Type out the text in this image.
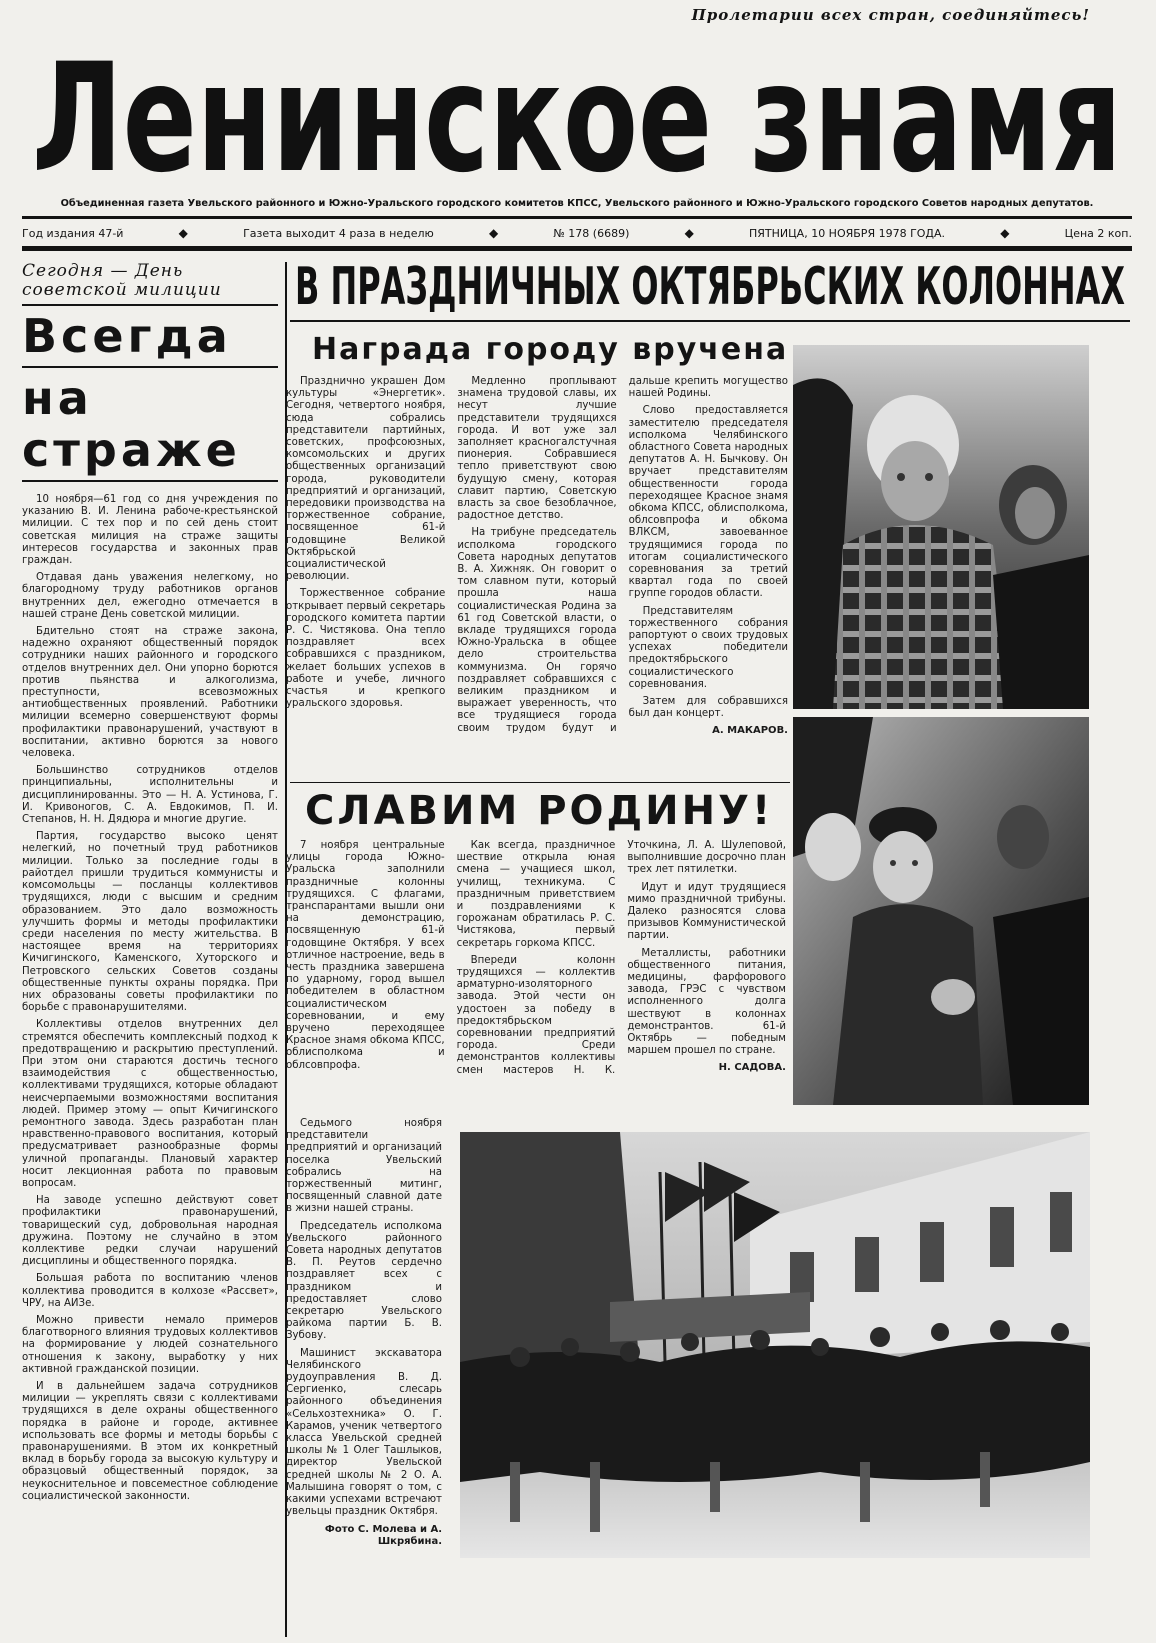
Пролетарии всех стран, соединяйтесь!
Ленинское знамя
Объединенная газета Увельского районного и Южно-Уральского городского комитетов КПСС, Увельского районного и Южно-Уральского городского Советов народных депутатов.
Год издания 47-й	◆	Газета выходит 4 раза в неделю	◆	№ 178 (6689)	◆	ПЯТНИЦА, 10 НОЯБРЯ 1978 ГОДА.	◆	Цена 2 коп.
Сегодня — День советской милиции
Всегда
на страже

10 ноября—61 год со дня учреждения по указанию В. И. Ленина рабоче-крестьянской милиции. С тех пор и по сей день стоит советская милиция на страже защиты интересов государства и законных прав граждан.

Отдавая дань уважения нелегкому, но благородному труду работников органов внутренних дел, ежегодно отмечается в нашей стране День советской милиции.

Бдительно стоят на страже закона, надежно охраняют общественный порядок сотрудники наших районного и городского отделов внутренних дел. Они упорно борются против пьянства и алкоголизма, преступности, всевозможных антиобщественных проявлений. Работники милиции всемерно совершенствуют формы профилактики правонарушений, участвуют в воспитании, активно борются за нового человека.

Большинство сотрудников отделов принципиальны, исполнительны и дисциплинированны. Это — Н. А. Устинова, Г. И. Кривоногов, С. А. Евдокимов, П. И. Степанов, Н. Н. Дядюра и многие другие.

Партия, государство высоко ценят нелегкий, но почетный труд работников милиции. Только за последние годы в райотдел пришли трудиться коммунисты и комсомольцы — посланцы коллективов трудящихся, люди с высшим и средним образованием. Это дало возможность улучшить формы и методы профилактики среди населения по месту жительства. В настоящее время на территориях Кичигинского, Каменского, Хуторского и Петровского сельских Советов созданы общественные пункты охраны порядка. При них образованы советы профилактики по борьбе с правонарушителями.

Коллективы отделов внутренних дел стремятся обеспечить комплексный подход к предотвращению и раскрытию преступлений. При этом они стараются достичь тесного взаимодействия с общественностью, коллективами трудящихся, которые обладают неисчерпаемыми возможностями воспитания людей. Пример этому — опыт Кичигинского ремонтного завода. Здесь разработан план нравственно-правового воспитания, который предусматривает разнообразные формы уличной пропаганды. Плановый характер носит лекционная работа по правовым вопросам.

На заводе успешно действуют совет профилактики правонарушений, товарищеский суд, добровольная народная дружина. Поэтому не случайно в этом коллективе редки случаи нарушений дисциплины и общественного порядка.

Большая работа по воспитанию членов коллектива проводится в колхозе «Рассвет», ЧРУ, на АИЗе.

Можно привести немало примеров благотворного влияния трудовых коллективов на формирование у людей сознательного отношения к закону, выработку у них активной гражданской позиции.

И в дальнейшем задача сотрудников милиции — укреплять связи с коллективами трудящихся в деле охраны общественного порядка в районе и городе, активнее использовать все формы и методы борьбы с правонарушениями. В этом их конкретный вклад в борьбу города за высокую культуру и образцовый общественный порядок, за неукоснительное и повсеместное соблюдение социалистической законности.

В ПРАЗДНИЧНЫХ ОКТЯБРЬСКИХ КОЛОННАХ
Награда городу вручена

Празднично украшен Дом культуры «Энергетик». Сегодня, четвертого ноября, сюда собрались представители партийных, советских, профсоюзных, комсомольских и других общественных организаций города, руководители предприятий и организаций, передовики производства на торжественное собрание, посвященное 61-й годовщине Великой Октябрьской социалистической революции.

Торжественное собрание открывает первый секретарь городского комитета партии Р. С. Чистякова. Она тепло поздравляет всех собравшихся с праздником, желает больших успехов в работе и учебе, личного счастья и крепкого уральского здоровья.

Медленно проплывают знамена трудовой славы, их несут лучшие представители трудящихся города. И вот уже зал заполняет красногалстучная пионерия. Собравшиеся тепло приветствуют свою будущую смену, которая славит партию, Советскую власть за свое безоблачное, радостное детство.

На трибуне председатель исполкома городского Совета народных депутатов В. А. Хижняк. Он говорит о том славном пути, который прошла наша социалистическая Родина за 61 год Советской власти, о вкладе трудящихся города Южно-Уральска в общее дело строительства коммунизма. Он горячо поздравляет собравшихся с великим праздником и выражает уверенность, что все трудящиеся города своим трудом будут и дальше крепить могущество нашей Родины.

Слово предоставляется заместителю председателя исполкома Челябинского областного Совета народных депутатов А. Н. Бычкову. Он вручает представителям общественности города переходящее Красное знамя обкома КПСС, облисполкома, облсовпрофа и обкома ВЛКСМ, завоеванное трудящимися города по итогам социалистического соревнования за третий квартал года по своей группе городов области.

Представителям торжественного собрания рапортуют о своих трудовых успехах победители предоктябрьского социалистического соревнования.

Затем для собравшихся был дан концерт.

А. МАКАРОВ.
СЛАВИМ РОДИНУ!

7 ноября центральные улицы города Южно-Уральска заполнили праздничные колонны трудящихся. С флагами, транспарантами вышли они на демонстрацию, посвященную 61-й годовщине Октября. У всех отличное настроение, ведь в честь праздника завершена по ударному, город вышел победителем в областном социалистическом соревновании, и ему вручено переходящее Красное знамя обкома КПСС, облисполкома и облсовпрофа.

Как всегда, праздничное шествие открыла юная смена — учащиеся школ, училищ, техникума. С праздничным приветствием и поздравлениями к горожанам обратилась Р. С. Чистякова, первый секретарь горкома КПСС.

Впереди колонн трудящихся — коллектив арматурно-изоляторного завода. Этой чести он удостоен за победу в предоктябрьском соревновании предприятий города. Среди демонстрантов коллективы смен мастеров Н. К. Уточкина, Л. А. Шулеповой, выполнившие досрочно план трех лет пятилетки.

Идут и идут трудящиеся мимо праздничной трибуны. Далеко разносятся слова призывов Коммунистической партии.

Металлисты, работники общественного питания, медицины, фарфорового завода, ГРЭС с чувством исполненного долга шествуют в колоннах демонстрантов. 61-й Октябрь — победным маршем прошел по стране.

Н. САДОВА.

Седьмого ноября представители предприятий и организаций поселка Увельский собрались на торжественный митинг, посвященный славной дате в жизни нашей страны.

Председатель исполкома Увельского районного Совета народных депутатов В. П. Реутов сердечно поздравляет всех с праздником и предоставляет слово секретарю Увельского райкома партии Б. В. Зубову.

Машинист экскаватора Челябинского рудоуправления В. Д. Сергиенко, слесарь районного объединения «Сельхозтехника» О. Г. Карамов, ученик четвертого класса Увельской средней школы № 1 Олег Ташлыков, директор Увельской средней школы № 2 О. А. Малышина говорят о том, с какими успехами встречают увельцы праздник Октября.

Фото С. Молева и А. Шкрябина.
